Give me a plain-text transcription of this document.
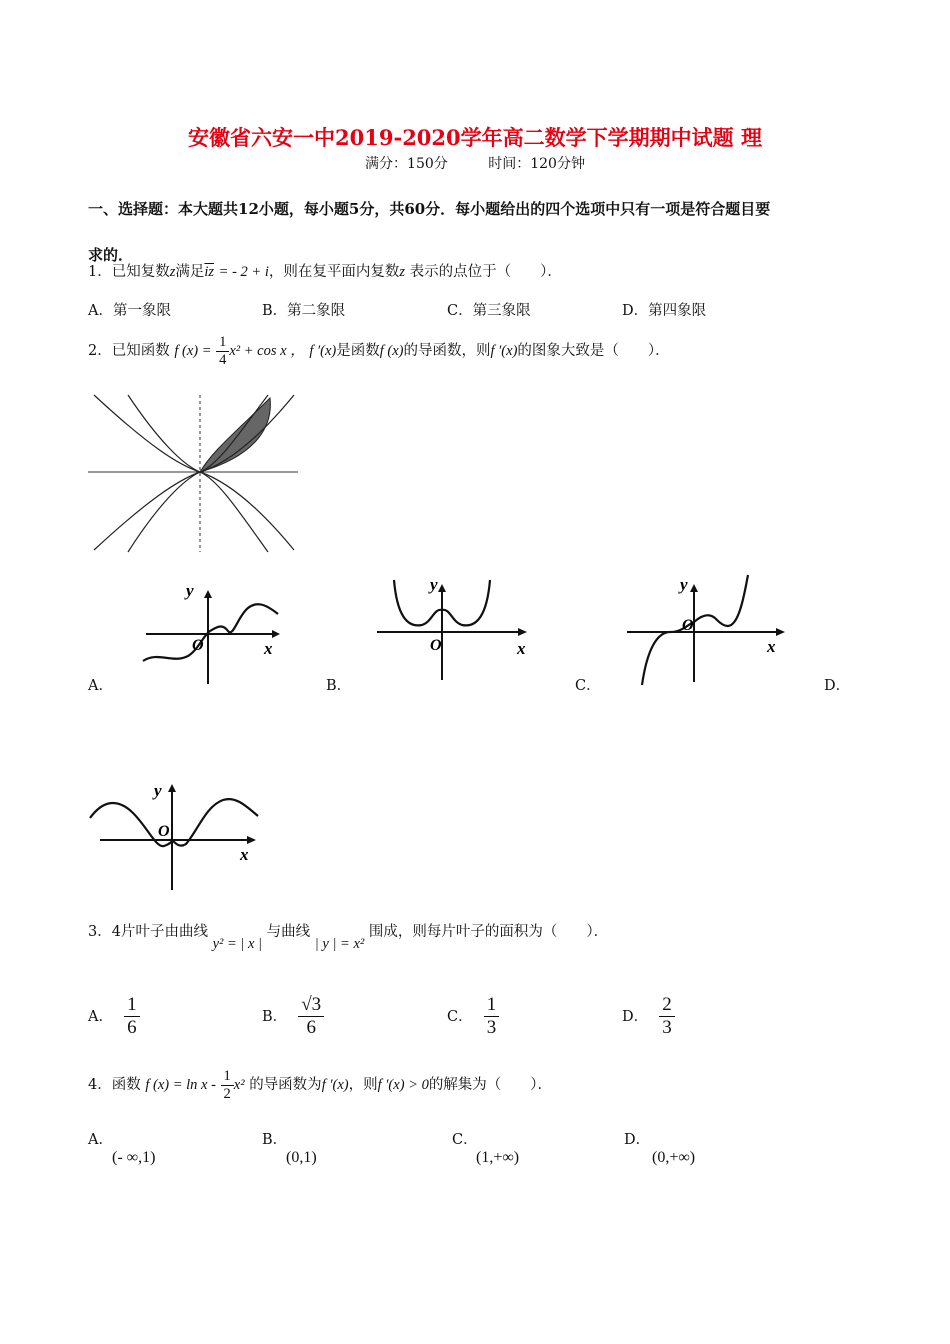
安徽省六安一中2019-2020学年高二数学下学期期中试题 理
满分：150分	时间：120分钟
一、选择题：本大题共12小题，每小题5分，共60分．每小题给出的四个选项中只有一项是符合题目要
求的．
1．已知复数z满足$\overline{iz}$ = - 2 + i，则在复平面内复数z 表示的点位于（　　）．
A．第一象限	B．第二象限	C．第三象限	D．第四象限
2．已知函数 f $(x) = \frac{1}{4} x^2 + \cos x$ ， f ′(x)是函数f (x)的导函数，则f ′(x)的图象大致是（　　）．
y
x
O
A．
y
x
O
B．
y
x
O
C．	D．
y
x
O
3．4片叶子由曲线 y² = | x | 与曲线 | y | = x² 围成，则每片叶子的面积为（　　）．
A． $\frac{1}{6}$	B． $\frac{√3}{6}$	C． $\frac{1}{3}$	D． $\frac{2}{3}$
4．函数 f $(x) = \ln x - \frac{1}{2} x^2$ 的导函数为f ′(x)，则f ′(x) > 0的解集为（　　）．
A．
(- ∞,1)
B．
(0,1)
C．
(1,+∞)
D．
(0,+∞)
